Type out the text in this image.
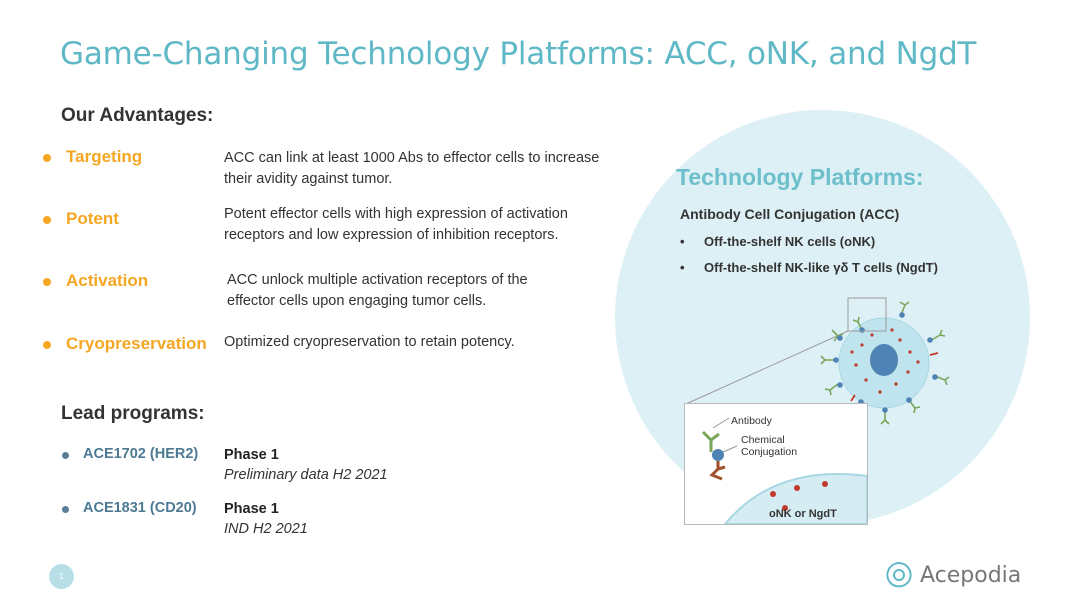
Game-Changing Technology Platforms: ACC, oNK, and NgdT
Our Advantages:
Targeting	ACC can link at least 1000 Abs to effector cells to increase
their avidity against tumor.
Potent	Potent effector cells with high expression of activation
receptors and low expression of inhibition receptors.
Activation	ACC unlock multiple activation receptors of the
effector cells upon engaging tumor cells.
Cryopreservation Optimized cryopreservation to retain potency.
Lead programs:
ACE1702 (HER2) Phase 1
Preliminary data H2 2021
ACE1831 (CD20) Phase 1
IND H2 2021
Technology Platforms:
Antibody Cell Conjugation (ACC)
• Off-the-shelf NK cells (oNK)
• Off-the-shelf NK-like γδ T cells (NgdT)
Antibody
Chemical
Conjugation
oNK or NgdT
1	Acepodia
